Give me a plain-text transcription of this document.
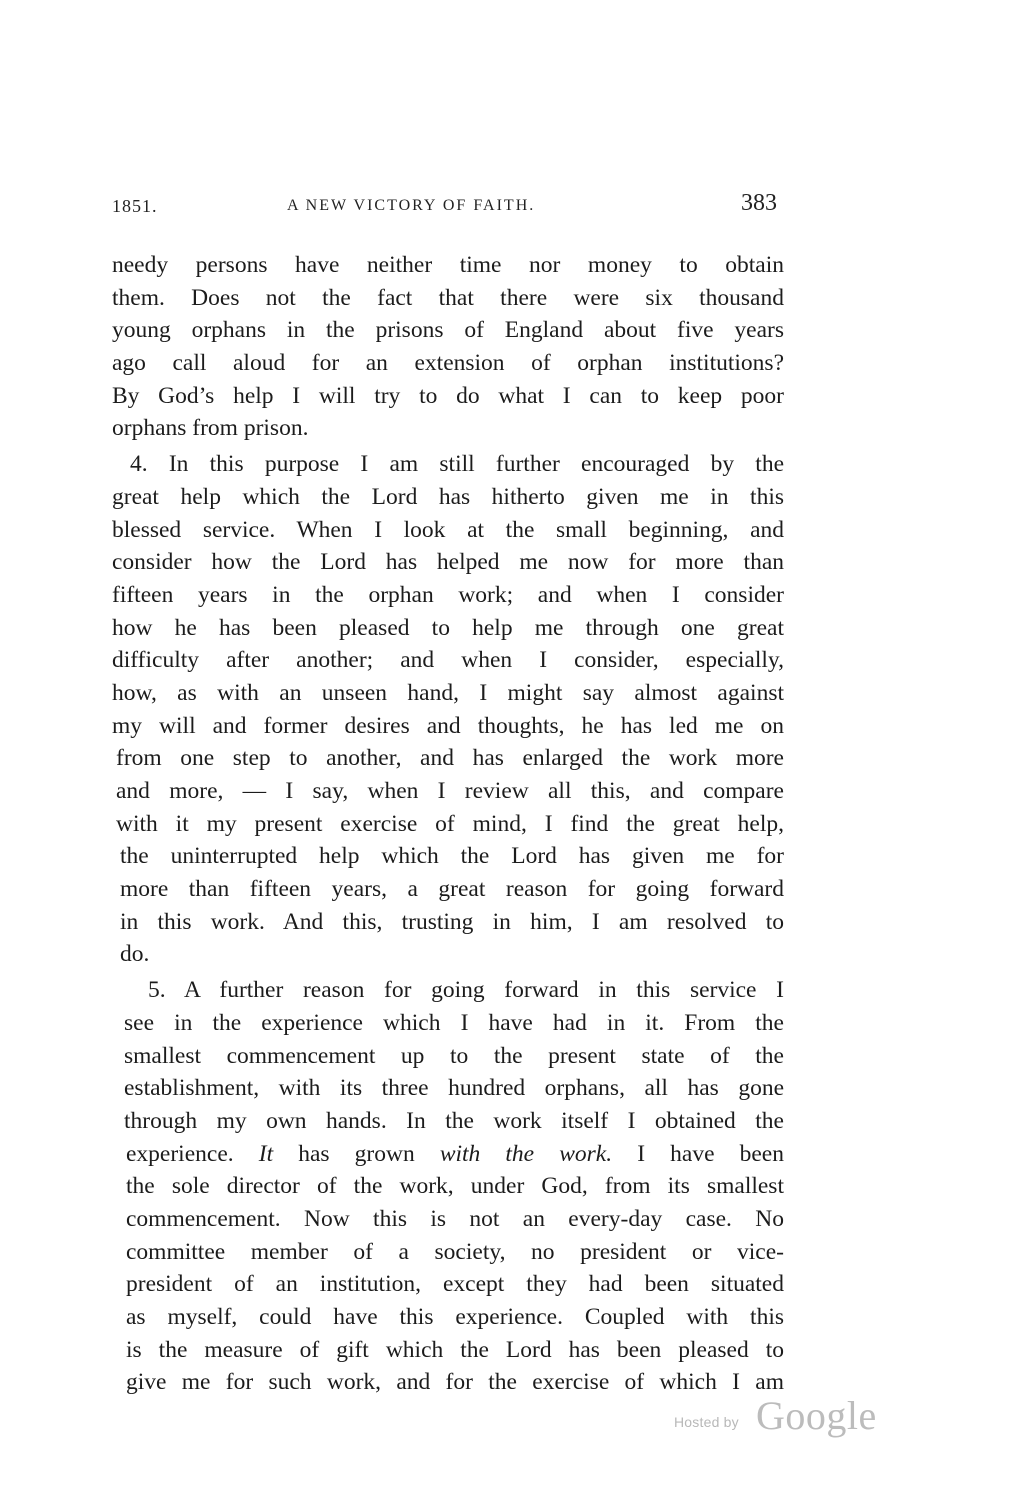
1851.	A NEW VICTORY OF FAITH.	383
needy persons have neither time nor money to obtain
them. Does not the fact that there were six thousand
young orphans in the prisons of England about five years
ago call aloud for an extension of orphan institutions?
By God’s help I will try to do what I can to keep poor
orphans from prison.
4. In this purpose I am still further encouraged by the
great help which the Lord has hitherto given me in this
blessed service. When I look at the small beginning, and
consider how the Lord has helped me now for more than
fifteen years in the orphan work; and when I consider
how he has been pleased to help me through one great
difficulty after another; and when I consider, especially,
how, as with an unseen hand, I might say almost against
my will and former desires and thoughts, he has led me on
from one step to another, and has enlarged the work more
and more, — I say, when I review all this, and compare
with it my present exercise of mind, I find the great help,
the uninterrupted help which the Lord has given me for
more than fifteen years, a great reason for going forward
in this work. And this, trusting in him, I am resolved to
do.
5. A further reason for going forward in this service I
see in the experience which I have had in it. From the
smallest commencement up to the present state of the
establishment, with its three hundred orphans, all has gone
through my own hands. In the work itself I obtained the
experience. It has grown with the work. I have been
the sole director of the work, under God, from its smallest
commencement. Now this is not an every-day case. No
committee member of a society, no president or vice-
president of an institution, except they had been situated
as myself, could have this experience. Coupled with this
is the measure of gift which the Lord has been pleased to
give me for such work, and for the exercise of which I am
Hosted by Google
